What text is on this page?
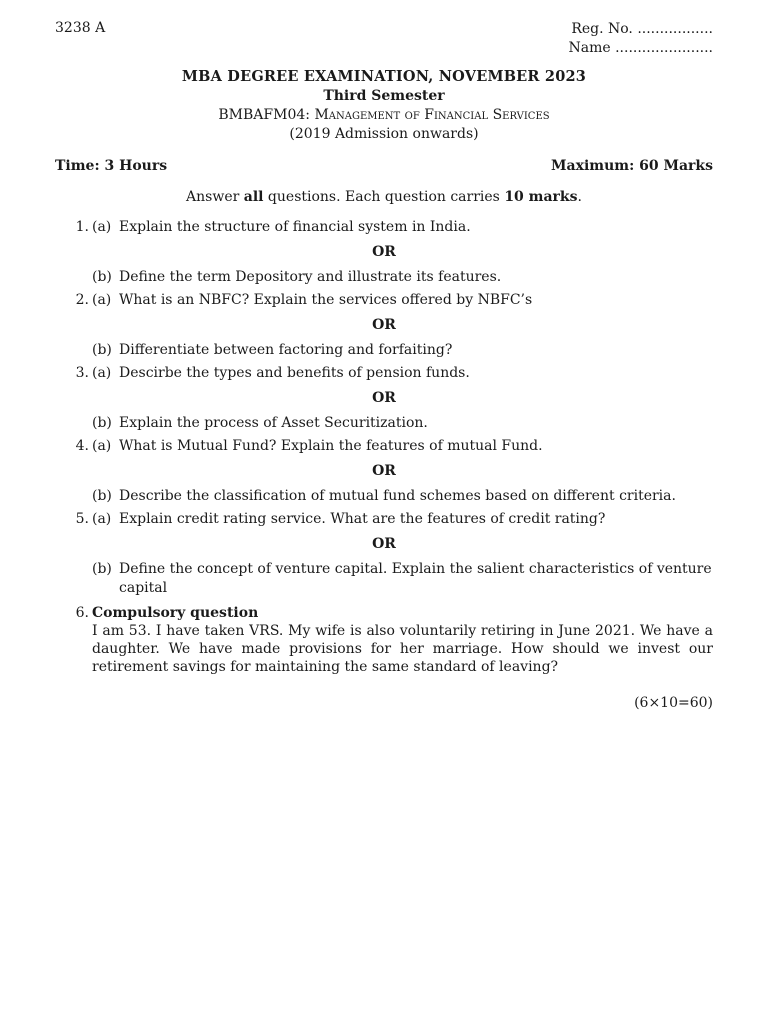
3238 A	Reg. No. .................
Name ......................
MBA DEGREE EXAMINATION, NOVEMBER 2023
Third Semester
BMBAFM04: Management of Financial Services
(2019 Admission onwards)
Time: 3 Hours	Maximum: 60 Marks
Answer all questions. Each question carries 10 marks.
1. (a) Explain the structure of financial system in India.
OR
(b) Define the term Depository and illustrate its features.
2. (a) What is an NBFC? Explain the services offered by NBFC’s
OR
(b) Differentiate between factoring and forfaiting?
3. (a) Descirbe the types and benefits of pension funds.
OR
(b) Explain the process of Asset Securitization.
4. (a) What is Mutual Fund? Explain the features of mutual Fund.
OR
(b) Describe the classification of mutual fund schemes based on different criteria.
5. (a) Explain credit rating service. What are the features of credit rating?
OR
(b) Define the concept of venture capital. Explain the salient characteristics of venture capital
6. Compulsory question
I am 53. I have taken VRS. My wife is also voluntarily retiring in June 2021. We have a daughter. We have made provisions for her marriage. How should we invest our retirement savings for maintaining the same standard of leaving?
(6×10=60)
